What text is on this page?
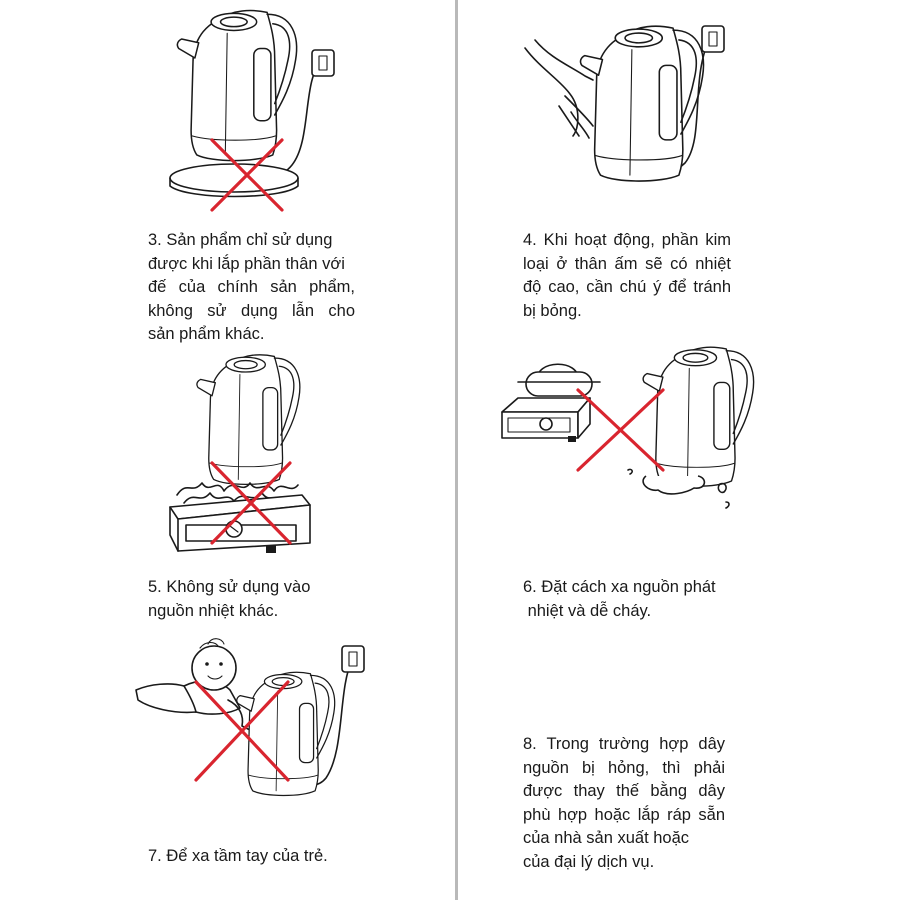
3. Sản phẩm chỉ sử dụng
được khi lắp phần thân với
đế của chính sản phẩm,
không sử dụng lẫn cho
sản phẩm khác.
4. Khi hoạt động, phần kim
loại ở thân ấm sẽ có nhiệt
độ cao, cần chú ý để tránh
bị bỏng.
5. Không sử dụng vào
nguồn nhiệt khác.
6. Đặt cách xa nguồn phát
nhiệt và dễ cháy.
7. Để xa tầm tay của trẻ.
8. Trong trường hợp dây
nguồn bị hỏng, thì phải
được thay thế bằng dây
phù hợp hoặc lắp ráp sẵn
của nhà sản xuất hoặc
của đại lý dịch vụ.
